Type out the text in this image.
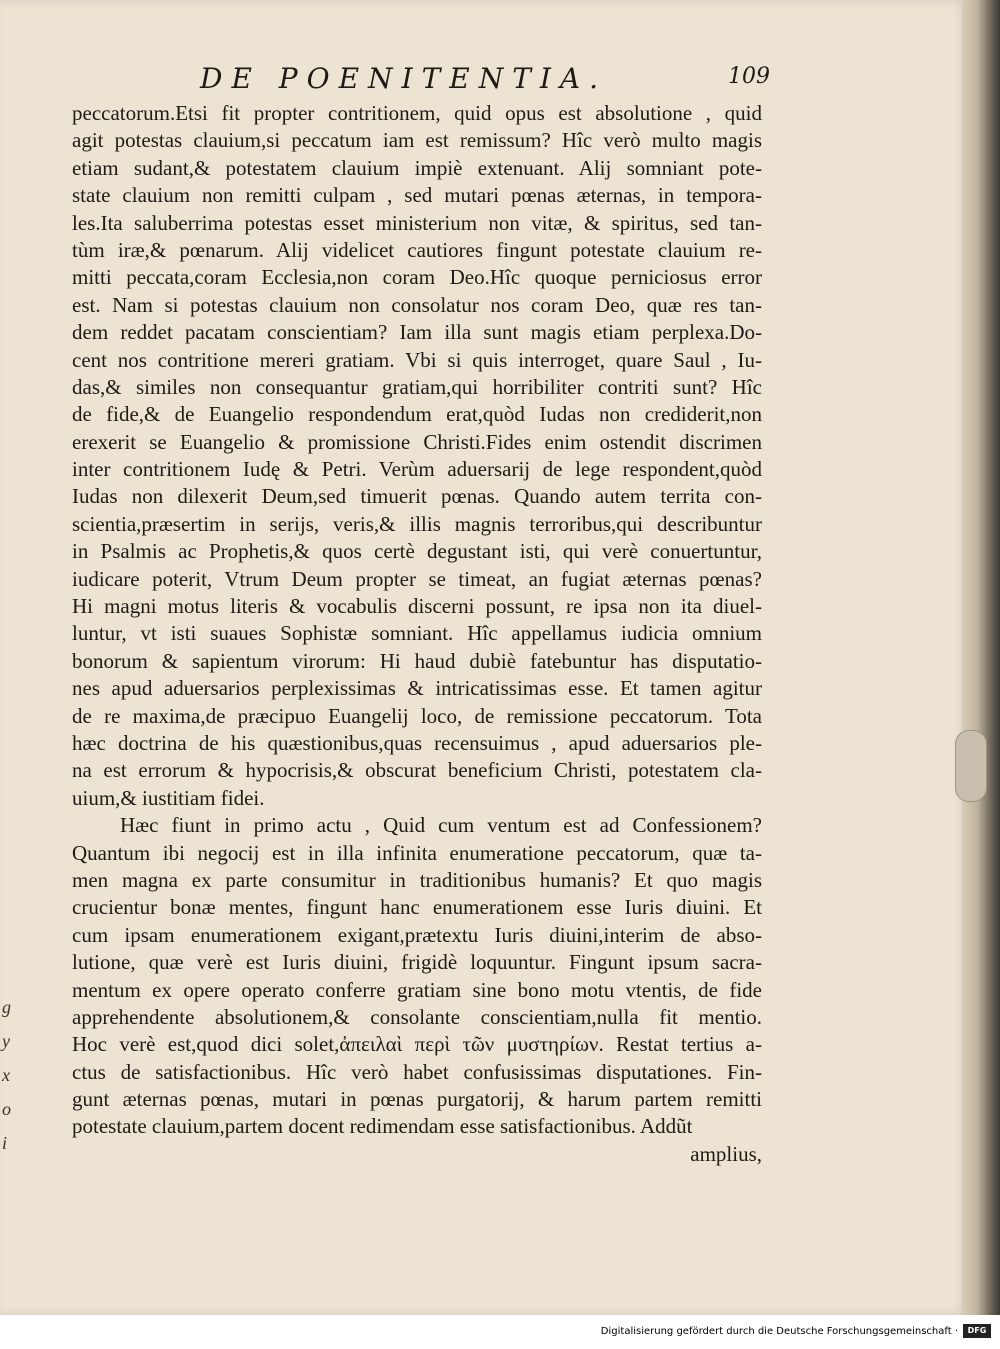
DE POENITENTIA.	109
peccatorum.Etsi fit propter contritionem, quid opus est absolutione , quid
agit potestas clauium,si peccatum iam est remissum? Hîc verò multo magis
etiam sudant,& potestatem clauium impiè extenuant. Alij somniant pote-
state clauium non remitti culpam , sed mutari pœnas æternas, in tempora-
les.Ita saluberrima potestas esset ministerium non vitæ, & spiritus, sed tan-
tùm iræ,& pœnarum. Alij videlicet cautiores fingunt potestate clauium re-
mitti peccata,coram Ecclesia,non coram Deo.Hîc quoque perniciosus error
est. Nam si potestas clauium non consolatur nos coram Deo, quæ res tan-
dem reddet pacatam conscientiam? Iam illa sunt magis etiam perplexa.Do-
cent nos contritione mereri gratiam. Vbi si quis interroget, quare Saul , Iu-
das,& similes non consequantur gratiam,qui horribiliter contriti sunt? Hîc
de fide,& de Euangelio respondendum erat,quòd Iudas non crediderit,non
erexerit se Euangelio & promissione Christi.Fides enim ostendit discrimen
inter contritionem Iudę & Petri. Verùm aduersarij de lege respondent,quòd
Iudas non dilexerit Deum,sed timuerit pœnas. Quando autem territa con-
scientia,præsertim in serijs, veris,& illis magnis terroribus,qui describuntur
in Psalmis ac Prophetis,& quos certè degustant isti, qui verè conuertuntur,
iudicare poterit, Vtrum Deum propter se timeat, an fugiat æternas pœnas?
Hi magni motus literis & vocabulis discerni possunt, re ipsa non ita diuel-
luntur, vt isti suaues Sophistæ somniant. Hîc appellamus iudicia omnium
bonorum & sapientum virorum: Hi haud dubiè fatebuntur has disputatio-
nes apud aduersarios perplexissimas & intricatissimas esse. Et tamen agitur
de re maxima,de præcipuo Euangelij loco, de remissione peccatorum. Tota
hæc doctrina de his quæstionibus,quas recensuimus , apud aduersarios ple-
na est errorum & hypocrisis,& obscurat beneficium Christi, potestatem cla-
uium,& iustitiam fidei.
Hæc fiunt in primo actu , Quid cum ventum est ad Confessionem?
Quantum ibi negocij est in illa infinita enumeratione peccatorum, quæ ta-
men magna ex parte consumitur in traditionibus humanis? Et quo magis
crucientur bonæ mentes, fingunt hanc enumerationem esse Iuris diuini. Et
cum ipsam enumerationem exigant,prætextu Iuris diuini,interim de abso-
lutione, quæ verè est Iuris diuini, frigidè loquuntur. Fingunt ipsum sacra-
mentum ex opere operato conferre gratiam sine bono motu vtentis, de fide
apprehendente absolutionem,& consolante conscientiam,nulla fit mentio.
Hoc verè est,quod dici solet,ἀπειλαὶ περὶ τῶν μυστηρίων. Restat tertius a-
ctus de satisfactionibus. Hîc verò habet confusissimas disputationes. Fin-
gunt æternas pœnas, mutari in pœnas purgatorij, & harum partem remitti
potestate clauium,partem docent redimendam esse satisfactionibus. Addũt
amplius,
g
y
x
o
i
Digitalisierung gefördert durch die Deutsche Forschungsgemeinschaft ·	DFG
